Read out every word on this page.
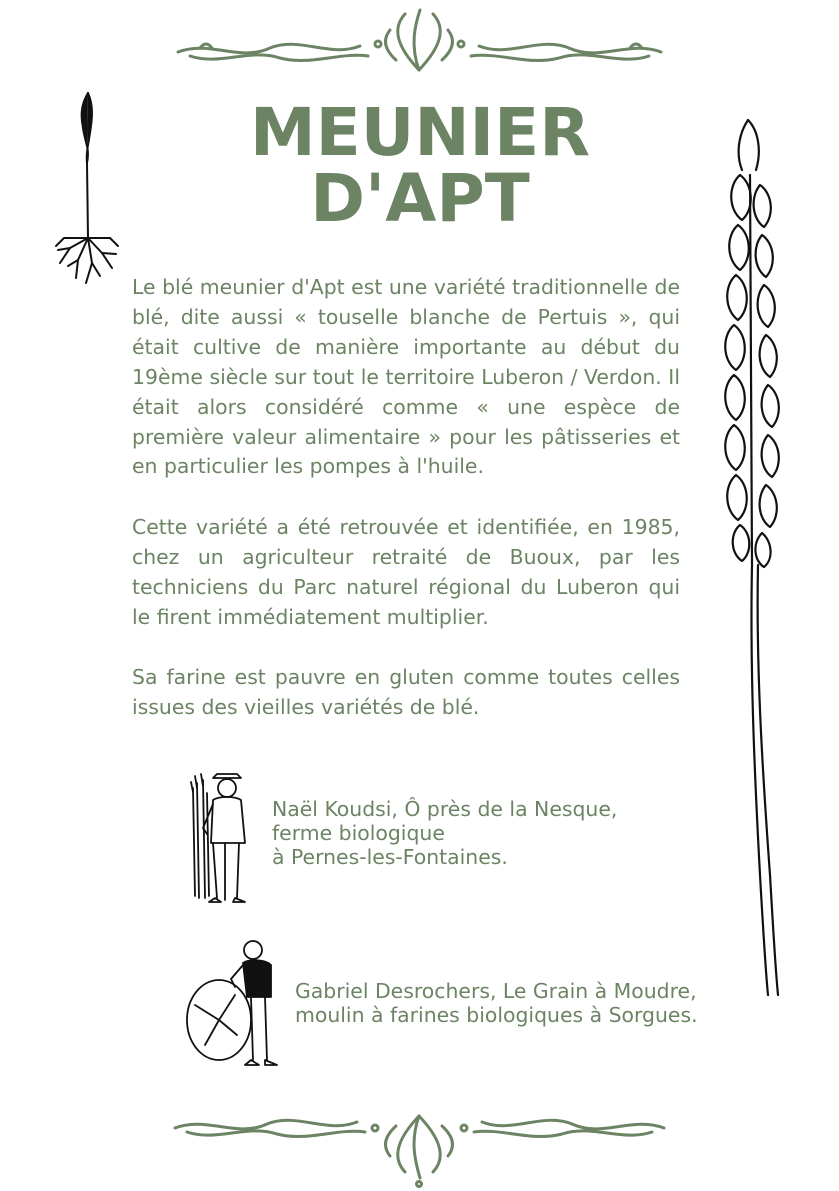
MEUNIER D'APT

Le blé meunier d'Apt est une variété traditionnelle de blé, dite aussi « touselle blanche de Pertuis », qui était cultive de manière importante au début du 19ème siècle sur tout le territoire Luberon / Verdon. Il était alors considéré comme « une espèce de première valeur alimentaire » pour les pâtisseries et en particulier les pompes à l'huile.

Cette variété a été retrouvée et identifiée, en 1985, chez un agriculteur retraité de Buoux, par les techniciens du Parc naturel régional du Luberon qui le firent immédiatement multiplier.

Sa farine est pauvre en gluten comme toutes celles issues des vieilles variétés de blé.

Naël Koudsi, Ô près de la Nesque,
ferme biologique
à Pernes-les-Fontaines.

Gabriel Desrochers, Le Grain à Moudre,
moulin à farines biologiques à Sorgues.
